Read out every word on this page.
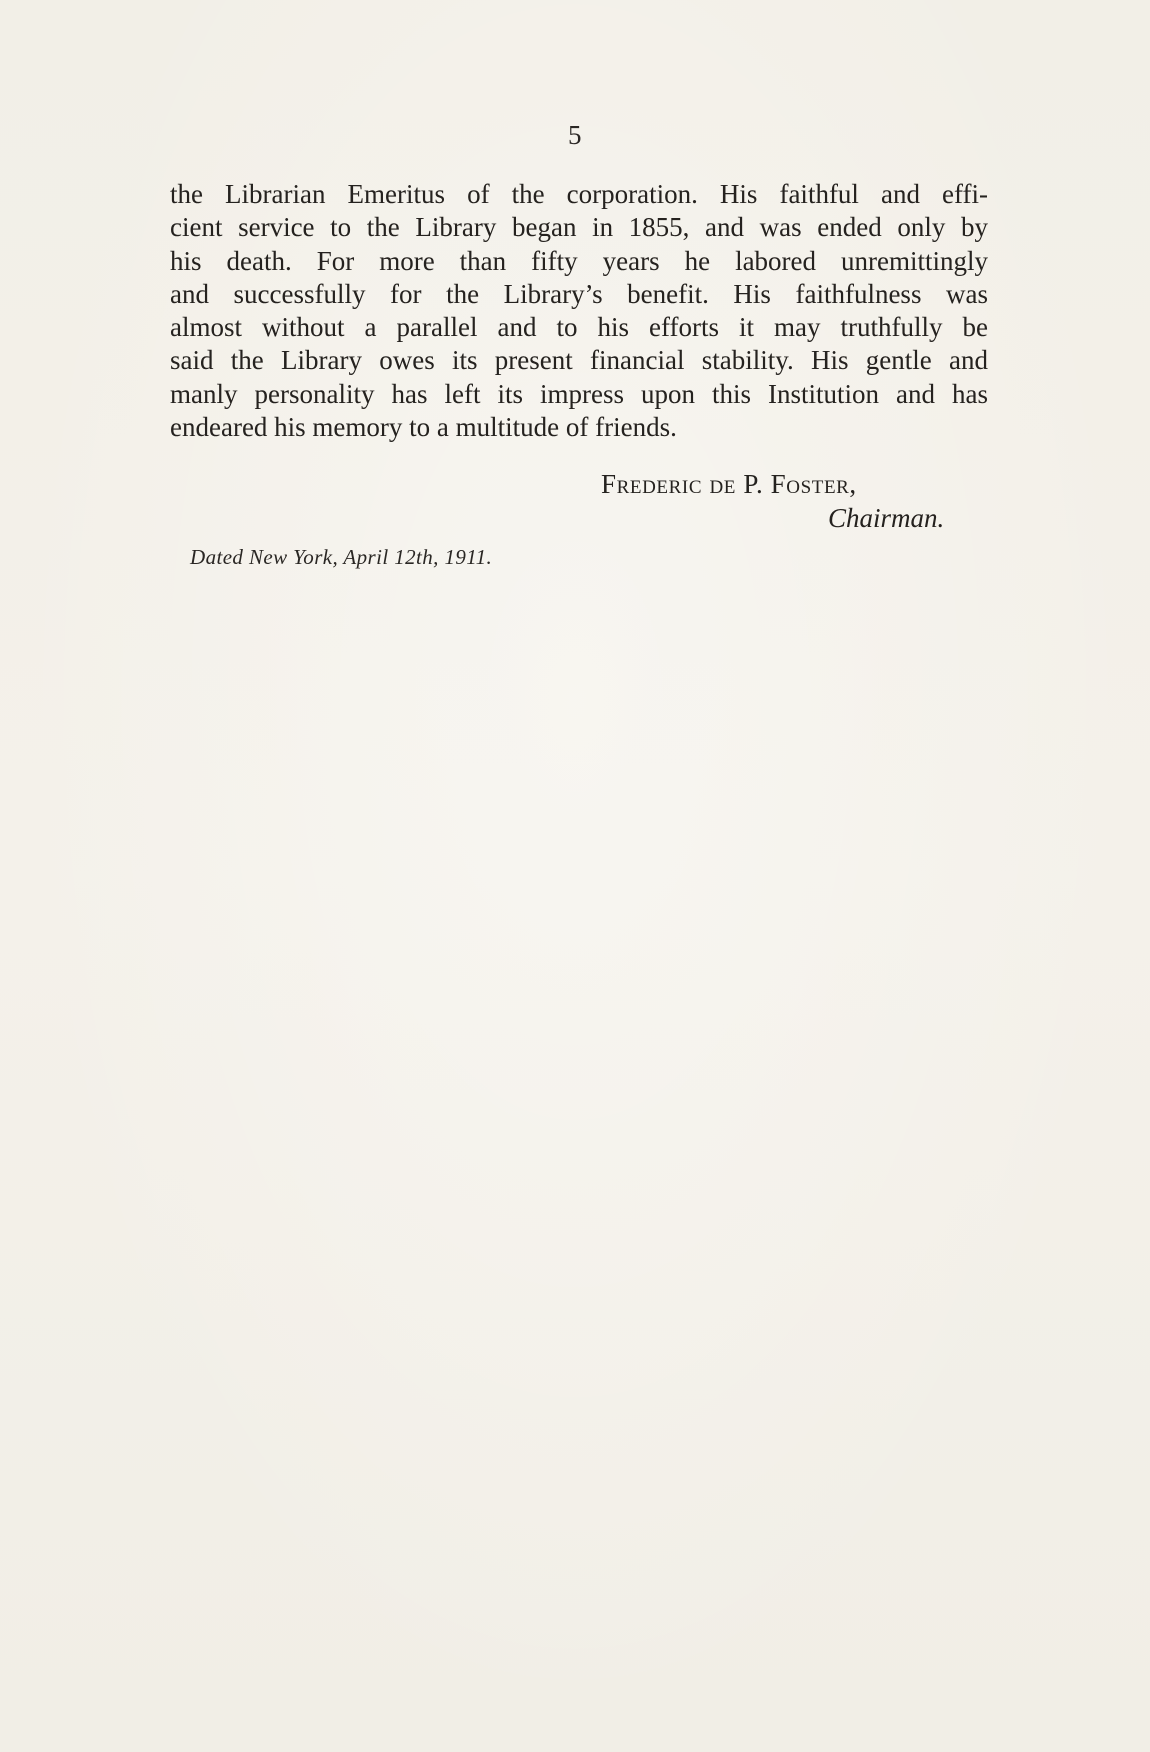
5
the Librarian Emeritus of the corporation. His faithful and effi-
cient service to the Library began in 1855, and was ended only by
his death. For more than fifty years he labored unremittingly
and successfully for the Library’s benefit. His faithfulness was
almost without a parallel and to his efforts it may truthfully be
said the Library owes its present financial stability. His gentle and
manly personality has left its impress upon this Institution and has
endeared his memory to a multitude of friends.
Frederic de P. Foster,
Chairman.
Dated New York, April 12th, 1911.
